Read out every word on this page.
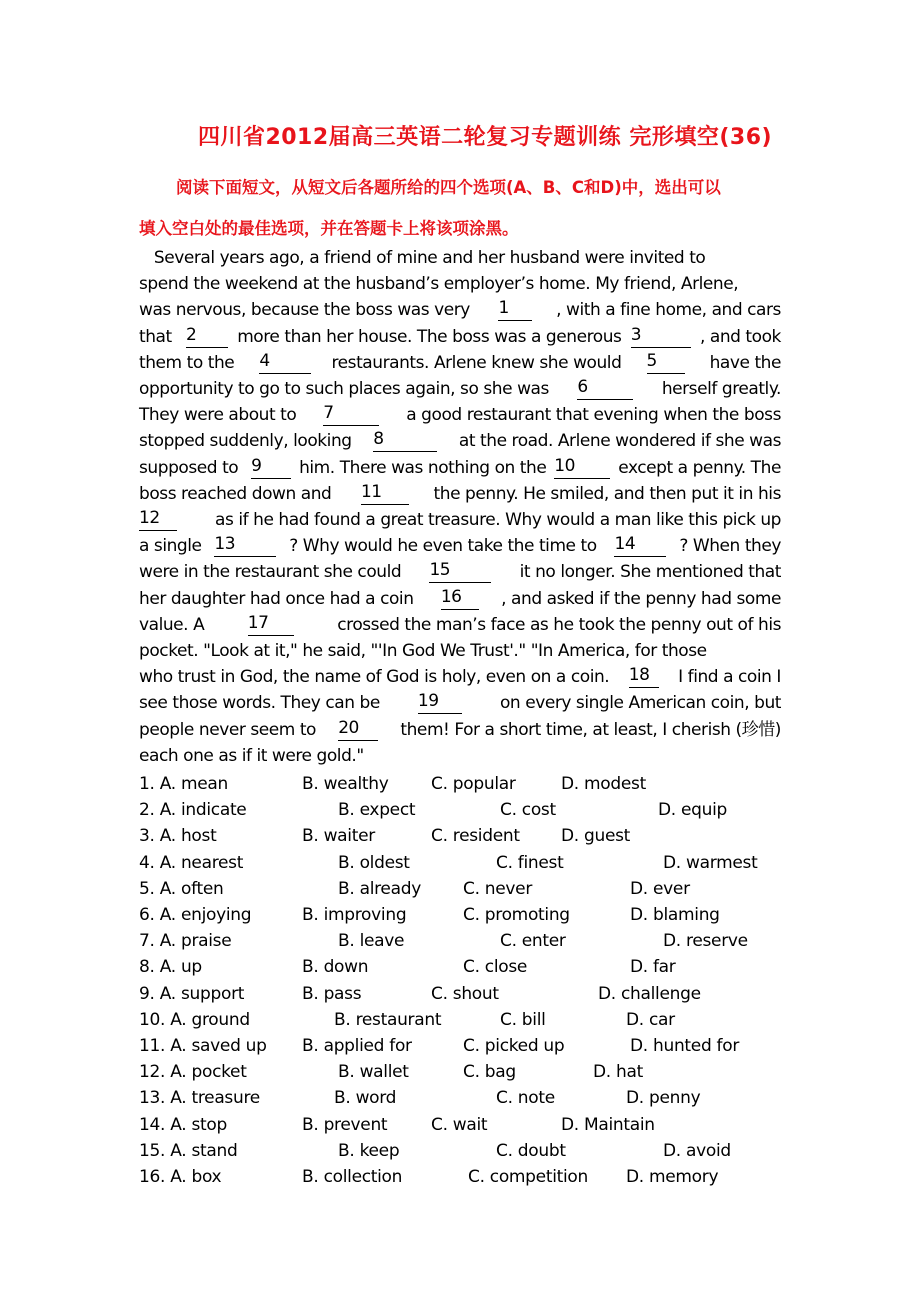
四川省2012届高三英语二轮复习专题训练 完形填空(36)
阅读下面短文，从短文后各题所给的四个选项(A、B、C和D)中，选出可以
填入空白处的最佳选项，并在答题卡上将该项涂黑。
Several years ago, a friend of mine and her husband were invited to
spend the weekend at the husband’s employer’s home. My friend, Arlene,
was nervous, because the boss was very 1	, with a fine home, and cars
that 2	more than her house. The boss was a generous 3	, and took
them to the 4	restaurants. Arlene knew she would 5	have the
opportunity to go to such places again, so she was 6	herself greatly.
They were about to 7	a good restaurant that evening when the boss
stopped suddenly, looking 8	at the road. Arlene wondered if she was
supposed to 9	him. There was nothing on the 10	except a penny. The
boss reached down and 11	the penny. He smiled, and then put it in his
12	as if he had found a great treasure. Why would a man like this pick up
a single 13	? Why would he even take the time to 14	? When they
were in the restaurant she could 15	it no longer. She mentioned that
her daughter had once had a coin 16	, and asked if the penny had some
value. A 17	crossed the man’s face as he took the penny out of his
pocket. "Look at it," he said, "'In God We Trust'." "In America, for those
who trust in God, the name of God is holy, even on a coin. 18	I find a coin I
see those words. They can be 19	on every single American coin, but
people never seem to 20	them! For a short time, at least, I cherish (珍惜)
each one as if it were gold."
1. A. mean	B. wealthy	C. popular	D. modest
2. A. indicate	B. expect	C. cost	D. equip
3. A. host	B. waiter	C. resident D. guest
4. A. nearest	B. oldest	C. finest	D. warmest
5. A. often	B. already C. never	D. ever
6. A. enjoying	B. improving	C. promoting	D. blaming
7. A. praise	B. leave	C. enter	D. reserve
8. A. up	B. down	C. close	D. far
9. A. support	B. pass	C. shout	D. challenge
10. A. ground	B. restaurant	C. bill	D. car
11. A. saved up B. applied for	C. picked up	D. hunted for
12. A. pocket	B. wallet	C. bag	D. hat
13. A. treasure	B. word	C. note	D. penny
14. A. stop	B. prevent	C. wait	D. Maintain
15. A. stand	B. keep	C. doubt	D. avoid
16. A. box	B. collection	C. competition D. memory
